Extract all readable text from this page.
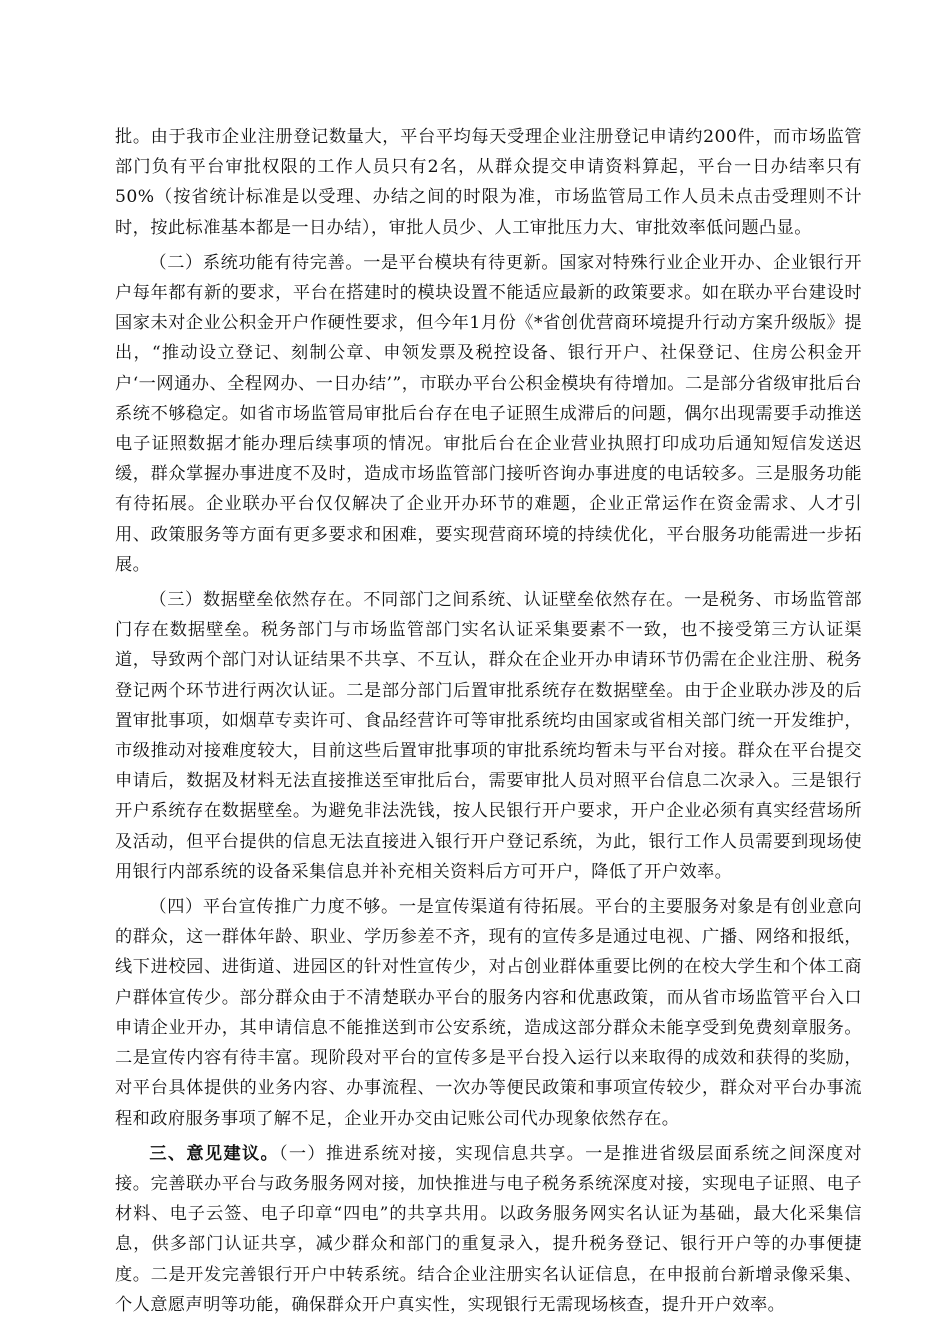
批。由于我市企业注册登记数量大，平台平均每天受理企业注册登记申请约200件，而市场监管部门负有平台审批权限的工作人员只有2名，从群众提交申请资料算起，平台一日办结率只有50%（按省统计标准是以受理、办结之间的时限为准，市场监管局工作人员未点击受理则不计时，按此标准基本都是一日办结），审批人员少、人工审批压力大、审批效率低问题凸显。

（二）系统功能有待完善。一是平台模块有待更新。国家对特殊行业企业开办、企业银行开户每年都有新的要求，平台在搭建时的模块设置不能适应最新的政策要求。如在联办平台建设时国家未对企业公积金开户作硬性要求，但今年1月份《*省创优营商环境提升行动方案升级版》提出，“推动设立登记、刻制公章、申领发票及税控设备、银行开户、社保登记、住房公积金开户‘一网通办、全程网办、一日办结’”，市联办平台公积金模块有待增加。二是部分省级审批后台系统不够稳定。如省市场监管局审批后台存在电子证照生成滞后的问题，偶尔出现需要手动推送电子证照数据才能办理后续事项的情况。审批后台在企业营业执照打印成功后通知短信发送迟缓，群众掌握办事进度不及时，造成市场监管部门接听咨询办事进度的电话较多。三是服务功能有待拓展。企业联办平台仅仅解决了企业开办环节的难题，企业正常运作在资金需求、人才引用、政策服务等方面有更多要求和困难，要实现营商环境的持续优化，平台服务功能需进一步拓展。

（三）数据壁垒依然存在。不同部门之间系统、认证壁垒依然存在。一是税务、市场监管部门存在数据壁垒。税务部门与市场监管部门实名认证采集要素不一致，也不接受第三方认证渠道，导致两个部门对认证结果不共享、不互认，群众在企业开办申请环节仍需在企业注册、税务登记两个环节进行两次认证。二是部分部门后置审批系统存在数据壁垒。由于企业联办涉及的后置审批事项，如烟草专卖许可、食品经营许可等审批系统均由国家或省相关部门统一开发维护，市级推动对接难度较大，目前这些后置审批事项的审批系统均暂未与平台对接。群众在平台提交申请后，数据及材料无法直接推送至审批后台，需要审批人员对照平台信息二次录入。三是银行开户系统存在数据壁垒。为避免非法洗钱，按人民银行开户要求，开户企业必须有真实经营场所及活动，但平台提供的信息无法直接进入银行开户登记系统，为此，银行工作人员需要到现场使用银行内部系统的设备采集信息并补充相关资料后方可开户，降低了开户效率。

（四）平台宣传推广力度不够。一是宣传渠道有待拓展。平台的主要服务对象是有创业意向的群众，这一群体年龄、职业、学历参差不齐，现有的宣传多是通过电视、广播、网络和报纸，线下进校园、进街道、进园区的针对性宣传少，对占创业群体重要比例的在校大学生和个体工商户群体宣传少。部分群众由于不清楚联办平台的服务内容和优惠政策，而从省市场监管平台入口申请企业开办，其申请信息不能推送到市公安系统，造成这部分群众未能享受到免费刻章服务。二是宣传内容有待丰富。现阶段对平台的宣传多是平台投入运行以来取得的成效和获得的奖励，对平台具体提供的业务内容、办事流程、一次办等便民政策和事项宣传较少，群众对平台办事流程和政府服务事项了解不足，企业开办交由记账公司代办现象依然存在。

三、意见建议。（一）推进系统对接，实现信息共享。一是推进省级层面系统之间深度对接。完善联办平台与政务服务网对接，加快推进与电子税务系统深度对接，实现电子证照、电子材料、电子云签、电子印章“四电”的共享共用。以政务服务网实名认证为基础，最大化采集信息，供多部门认证共享，减少群众和部门的重复录入，提升税务登记、银行开户等的办事便捷度。二是开发完善银行开户中转系统。结合企业注册实名认证信息，在申报前台新增录像采集、个人意愿声明等功能，确保群众开户真实性，实现银行无需现场核查，提升开户效率。
